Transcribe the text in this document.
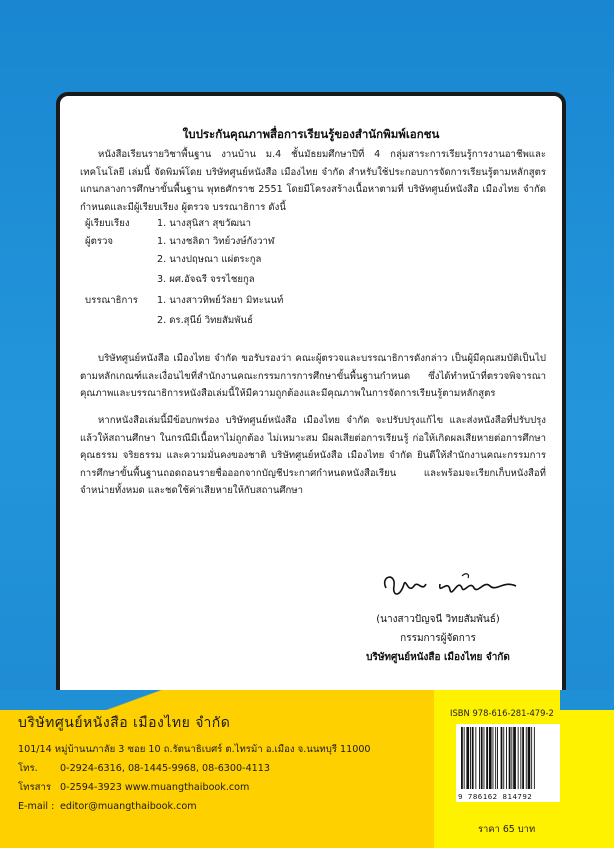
ใบประกันคุณภาพสื่อการเรียนรู้ของสำนักพิมพ์เอกชน
หนังสือเรียนรายวิชาพื้นฐาน งานบ้าน ม.4 ชั้นมัธยมศึกษาปีที่ 4 กลุ่มสาระการเรียนรู้การงานอาชีพและเทคโนโลยี เล่มนี้ จัดพิมพ์โดย บริษัทศูนย์หนังสือ เมืองไทย จำกัด สำหรับใช้ประกอบการจัดการเรียนรู้ตามหลักสูตรแกนกลางการศึกษาขั้นพื้นฐาน พุทธศักราช 2551 โดยมีโครงสร้างเนื้อหาตามที่ บริษัทศูนย์หนังสือ เมืองไทย จำกัด กำหนดและมีผู้เรียบเรียง ผู้ตรวจ บรรณาธิการ ดังนี้
ผู้เรียบเรียง	1. นางสุนิสา สุขวัฒนา
ผู้ตรวจ	1. นางชลิดา วิทย์วงษ์กังวาฬ
2. นางปฤษณา แผ่ตระกูล
3. ผศ.อัจฉรี จรรไชยกูล
บรรณาธิการ 1. นางสาวทิพย์วัลยา มิทะนนท์
2. ดร.สุนีย์ วิทยสัมพันธ์
บริษัทศูนย์หนังสือ เมืองไทย จำกัด ขอรับรองว่า คณะผู้ตรวจและบรรณาธิการดังกล่าว เป็นผู้มีคุณสมบัติเป็นไปตามหลักเกณฑ์และเงื่อนไขที่สำนักงานคณะกรรมการการศึกษาขั้นพื้นฐานกำหนด ซึ่งได้ทำหน้าที่ตรวจพิจารณาคุณภาพและบรรณาธิการหนังสือเล่มนี้ให้มีความถูกต้องและมีคุณภาพในการจัดการเรียนรู้ตามหลักสูตร
หากหนังสือเล่มนี้มีข้อบกพร่อง บริษัทศูนย์หนังสือ เมืองไทย จำกัด จะปรับปรุงแก้ไข และส่งหนังสือที่ปรับปรุงแล้วให้สถานศึกษา ในกรณีมีเนื้อหาไม่ถูกต้อง ไม่เหมาะสม มีผลเสียต่อการเรียนรู้ ก่อให้เกิดผลเสียหายต่อการศึกษา คุณธรรม จริยธรรม และความมั่นคงของชาติ บริษัทศูนย์หนังสือ เมืองไทย จำกัด ยินดีให้สำนักงานคณะกรรมการการศึกษาขั้นพื้นฐานถอดถอนรายชื่อออกจากบัญชีประกาศกำหนดหนังสือเรียน และพร้อมจะเรียกเก็บหนังสือที่จำหน่ายทั้งหมด และชดใช้ค่าเสียหายให้กับสถานศึกษา
(นางสาวปัญจนี วิทยสัมพันธ์)
กรรมการผู้จัดการ
บริษัทศูนย์หนังสือ เมืองไทย จำกัด
บริษัทศูนย์หนังสือ เมืองไทย จำกัด
101/14 หมู่บ้านนภาลัย 3 ซอย 10 ถ.รัตนาธิเบศร์ ต.ไทรม้า อ.เมือง จ.นนทบุรี 11000
โทร. 0-2924-6316, 08-1445-9968, 08-6300-4113
โทรสาร 0-2594-3923 www.muangthaibook.com
E-mail : editor@muangthaibook.com
ISBN 978-616-281-479-2
9 786162 814792
ราคา 65 บาท
